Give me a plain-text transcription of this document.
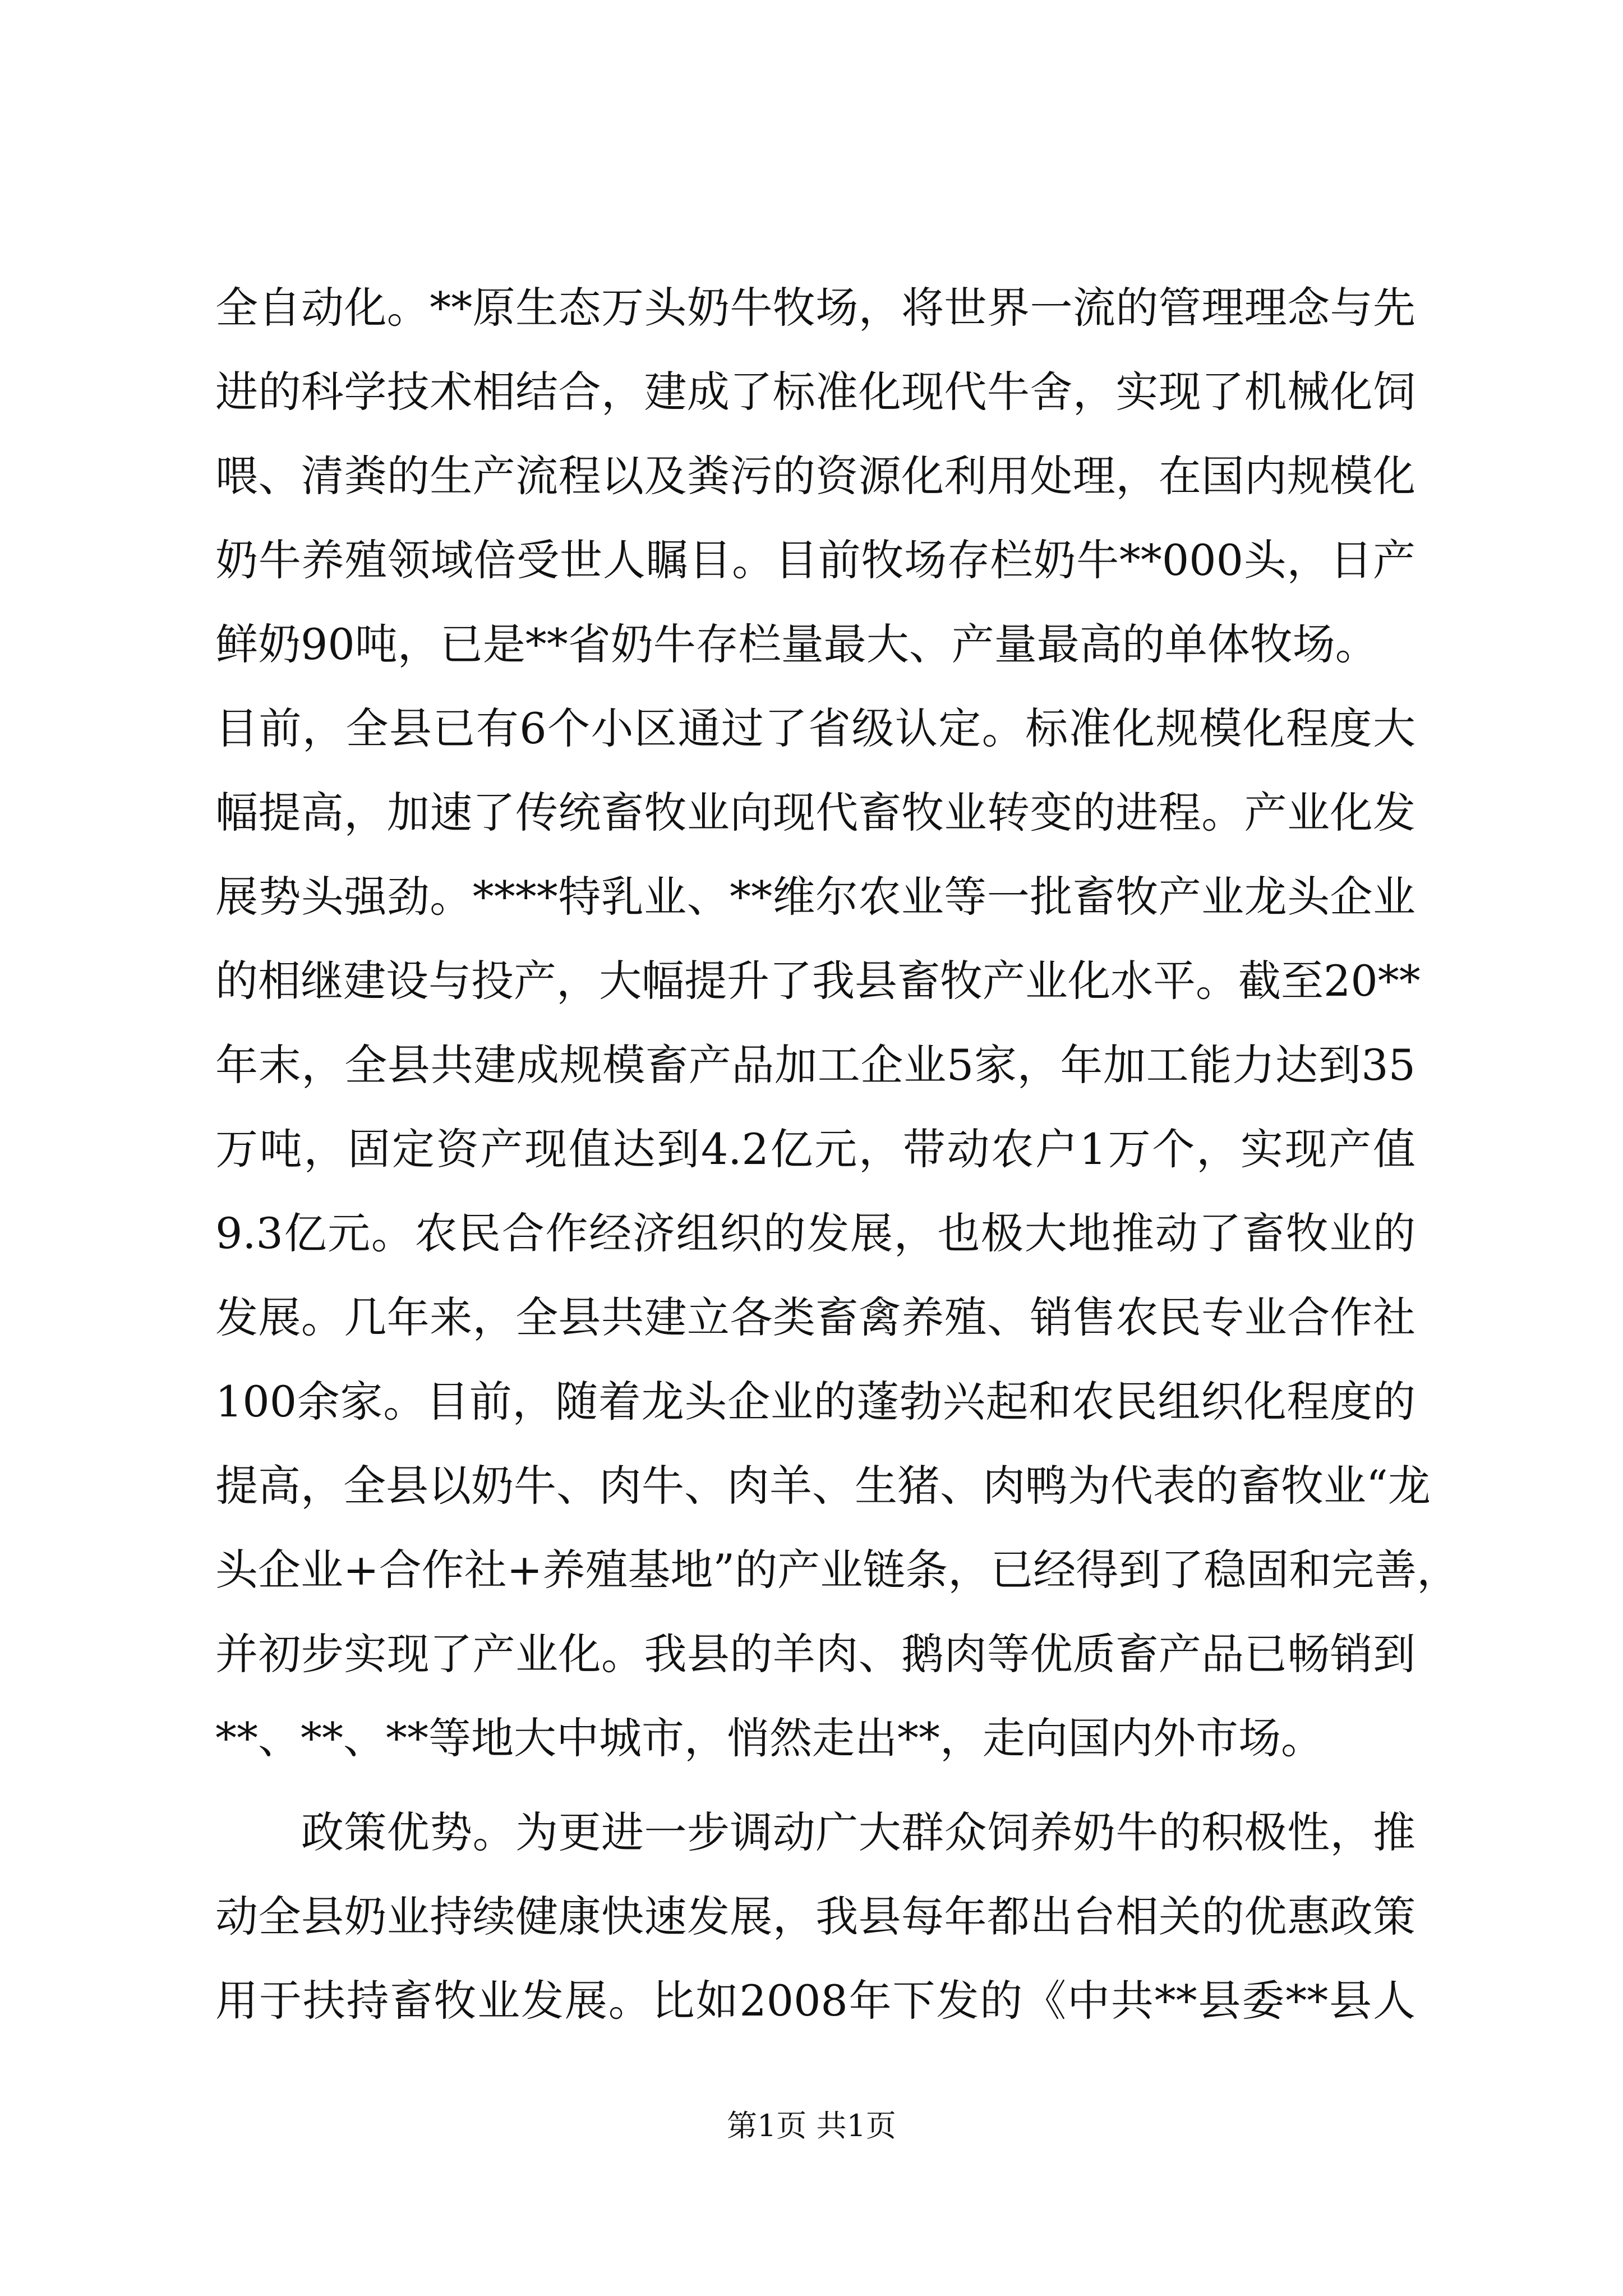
全自动化。**原生态万头奶牛牧场，将世界一流的管理理念与先
进的科学技术相结合，建成了标准化现代牛舍，实现了机械化饲
喂、清粪的生产流程以及粪污的资源化利用处理，在国内规模化
奶牛养殖领域倍受世人瞩目。目前牧场存栏奶牛**000头，日产
鲜奶90吨，已是**省奶牛存栏量最大、产量最高的单体牧场。
目前，全县已有6个小区通过了省级认定。标准化规模化程度大
幅提高，加速了传统畜牧业向现代畜牧业转变的进程。产业化发
展势头强劲。****特乳业、**维尔农业等一批畜牧产业龙头企业
的相继建设与投产，大幅提升了我县畜牧产业化水平。截至20**
年末，全县共建成规模畜产品加工企业5家，年加工能力达到35
万吨，固定资产现值达到4.2亿元，带动农户1万个，实现产值
9.3亿元。农民合作经济组织的发展，也极大地推动了畜牧业的
发展。几年来，全县共建立各类畜禽养殖、销售农民专业合作社
100余家。目前，随着龙头企业的蓬勃兴起和农民组织化程度的
提高，全县以奶牛、肉牛、肉羊、生猪、肉鸭为代表的畜牧业“龙
头企业+合作社+养殖基地”的产业链条，已经得到了稳固和完善，
并初步实现了产业化。我县的羊肉、鹅肉等优质畜产品已畅销到
**、**、**等地大中城市，悄然走出**，走向国内外市场。
　　政策优势。为更进一步调动广大群众饲养奶牛的积极性，推
动全县奶业持续健康快速发展，我县每年都出台相关的优惠政策
用于扶持畜牧业发展。比如2008年下发的《中共**县委**县人
第1页 共1页
